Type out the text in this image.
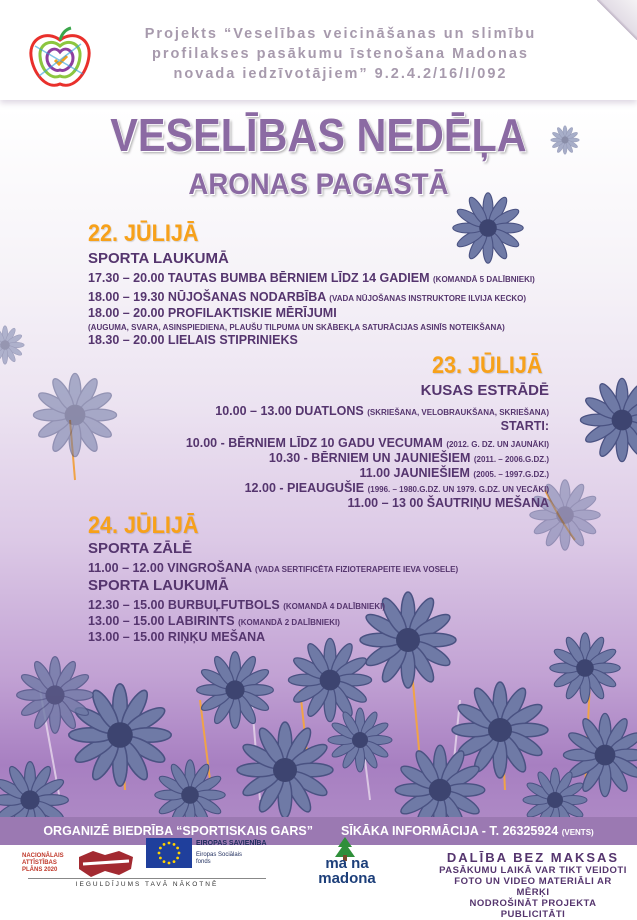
Projekts “Veselības veicināšanas un slimību
profilakses pasākumu īstenošana Madonas
novada iedzīvotājiem” 9.2.4.2/16/I/092
VESELĪBAS NEDĒĻA
ARONAS PAGASTĀ
22. JŪLIJĀ
SPORTA LAUKUMĀ
17.30 – 20.00 TAUTAS BUMBA BĒRNIEM LĪDZ 14 GADIEM (KOMANDĀ 5 DALĪBNIEKI)
18.00 – 19.30 NŪJOŠANAS NODARBĪBA (VADA NŪJOŠANAS INSTRUKTORE ILVIJA KECKO)
18.00 – 20.00 PROFILAKTISKIE MĒRĪJUMI
(AUGUMA, SVARA, ASINSPIEDIENA, PLAUŠU TILPUMA UN SKĀBEKĻA SATURĀCIJAS ASINĪS NOTEIKŠANA)
18.30 – 20.00 LIELAIS STIPRINIEKS
23. JŪLIJĀ
KUSAS ESTRĀDĒ
10.00 – 13.00 DUATLONS (SKRIEŠANA, VELOBRAUKŠANA, SKRIEŠANA)
STARTI:
10.00 - BĒRNIEM LĪDZ 10 GADU VECUMAM (2012. G. DZ. UN JAUNĀKI)
10.30 - BĒRNIEM UN JAUNIEŠIEM (2011. – 2006.G.DZ.)
11.00 JAUNIEŠIEM (2005. – 1997.G.DZ.)
12.00 - PIEAUGUŠIE (1996. – 1980.G.DZ. UN 1979. G.DZ. UN VECĀKI)
11.00 – 13 00 ŠAUTRIŅU MEŠANA
24. JŪLIJĀ
SPORTA ZĀLĒ
11.00 – 12.00 VINGROŠANA (VADA SERTIFICĒTA FIZIOTERAPEITE IEVA VOSELE)
SPORTA LAUKUMĀ
12.30 – 15.00 BURBUĻFUTBOLS (KOMANDĀ 4 DALĪBNIEKI)
13.00 – 15.00 LABIRINTS (KOMANDĀ 2 DALĪBNIEKI)
13.00 – 15.00 RIŅĶU MEŠANA
ORGANIZĒ BIEDRĪBA “SPORTISKAIS GARS” SĪKĀKA INFORMĀCIJA - T. 26325924 (VENTS)
NACIONĀLAIS
ATTĪSTĪBAS
PLĀNS 2020
EIROPAS SAVIENĪBA
Eiropas Sociālais
fonds
IEGULDĪJUMS TAVĀ NĀKOTNĒ
ma na
madona
DALĪBA BEZ MAKSAS
PASĀKUMU LAIKĀ VAR TIKT VEIDOTI
FOTO UN VIDEO MATERIĀLI AR MĒRĶI
NODROŠINĀT PROJEKTA PUBLICITĀTI
